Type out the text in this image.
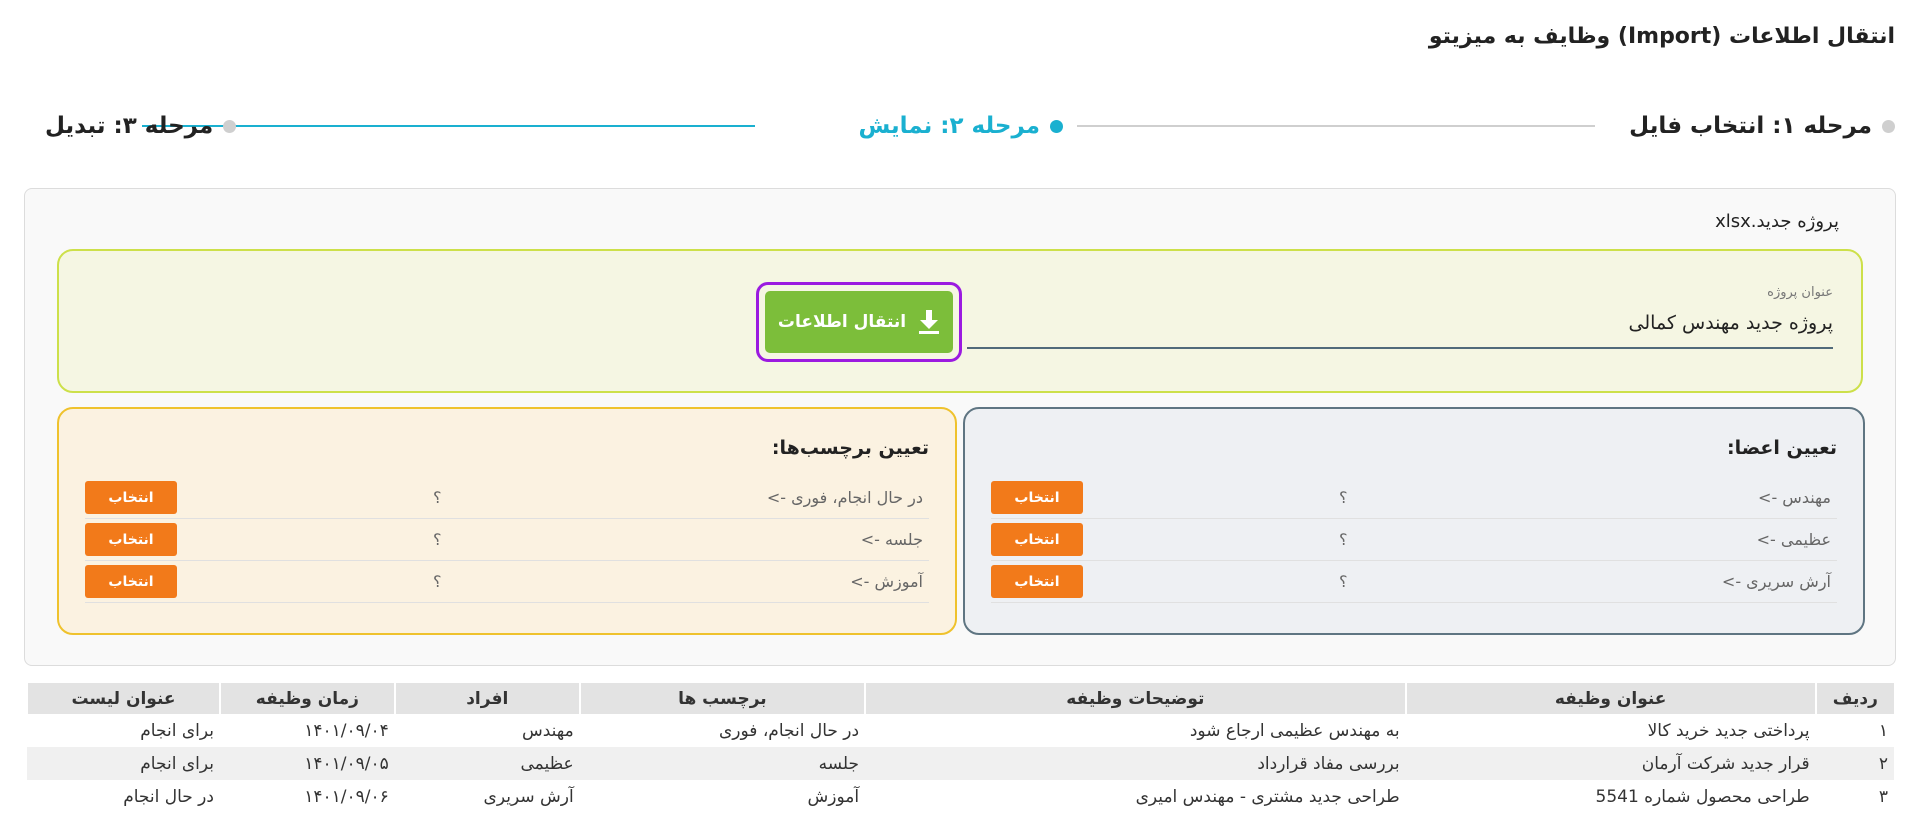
انتقال اطلاعات (Import) وظایف به میزیتو
مرحله ۱: انتخاب فایل
مرحله ۲: نمایش
مرحله ۳: تبدیل
پروژه جدید.xlsx
عنوان پروژه
پروژه جدید مهندس کمالی
انتقال اطلاعات
تعیین اعضا:
مهندس ->
؟
انتخاب
عظیمی ->
؟
انتخاب
آرش سریری ->
؟
انتخاب
تعیین برچسب‌ها:
در حال انجام، فوری ->
؟
انتخاب
جلسه ->
؟
انتخاب
آموزش ->
؟
انتخاب
ردیف	عنوان وظیفه	توضیحات وظیفه	برچسب ها	افراد	زمان وظیفه	عنوان لیست
۱	پرداختی جدید خرید کالا	به مهندس عظیمی ارجاع شود	در حال انجام، فوری	مهندس	۱۴۰۱/۰۹/۰۴	برای انجام
۲	قرار جدید شرکت آرمان	بررسی مفاد قرارداد	جلسه	عظیمی	۱۴۰۱/۰۹/۰۵	برای انجام
۳	طراحی محصول شماره 5541	طراحی جدید مشتری - مهندس امیری	آموزش	آرش سریری	۱۴۰۱/۰۹/۰۶	در حال انجام
